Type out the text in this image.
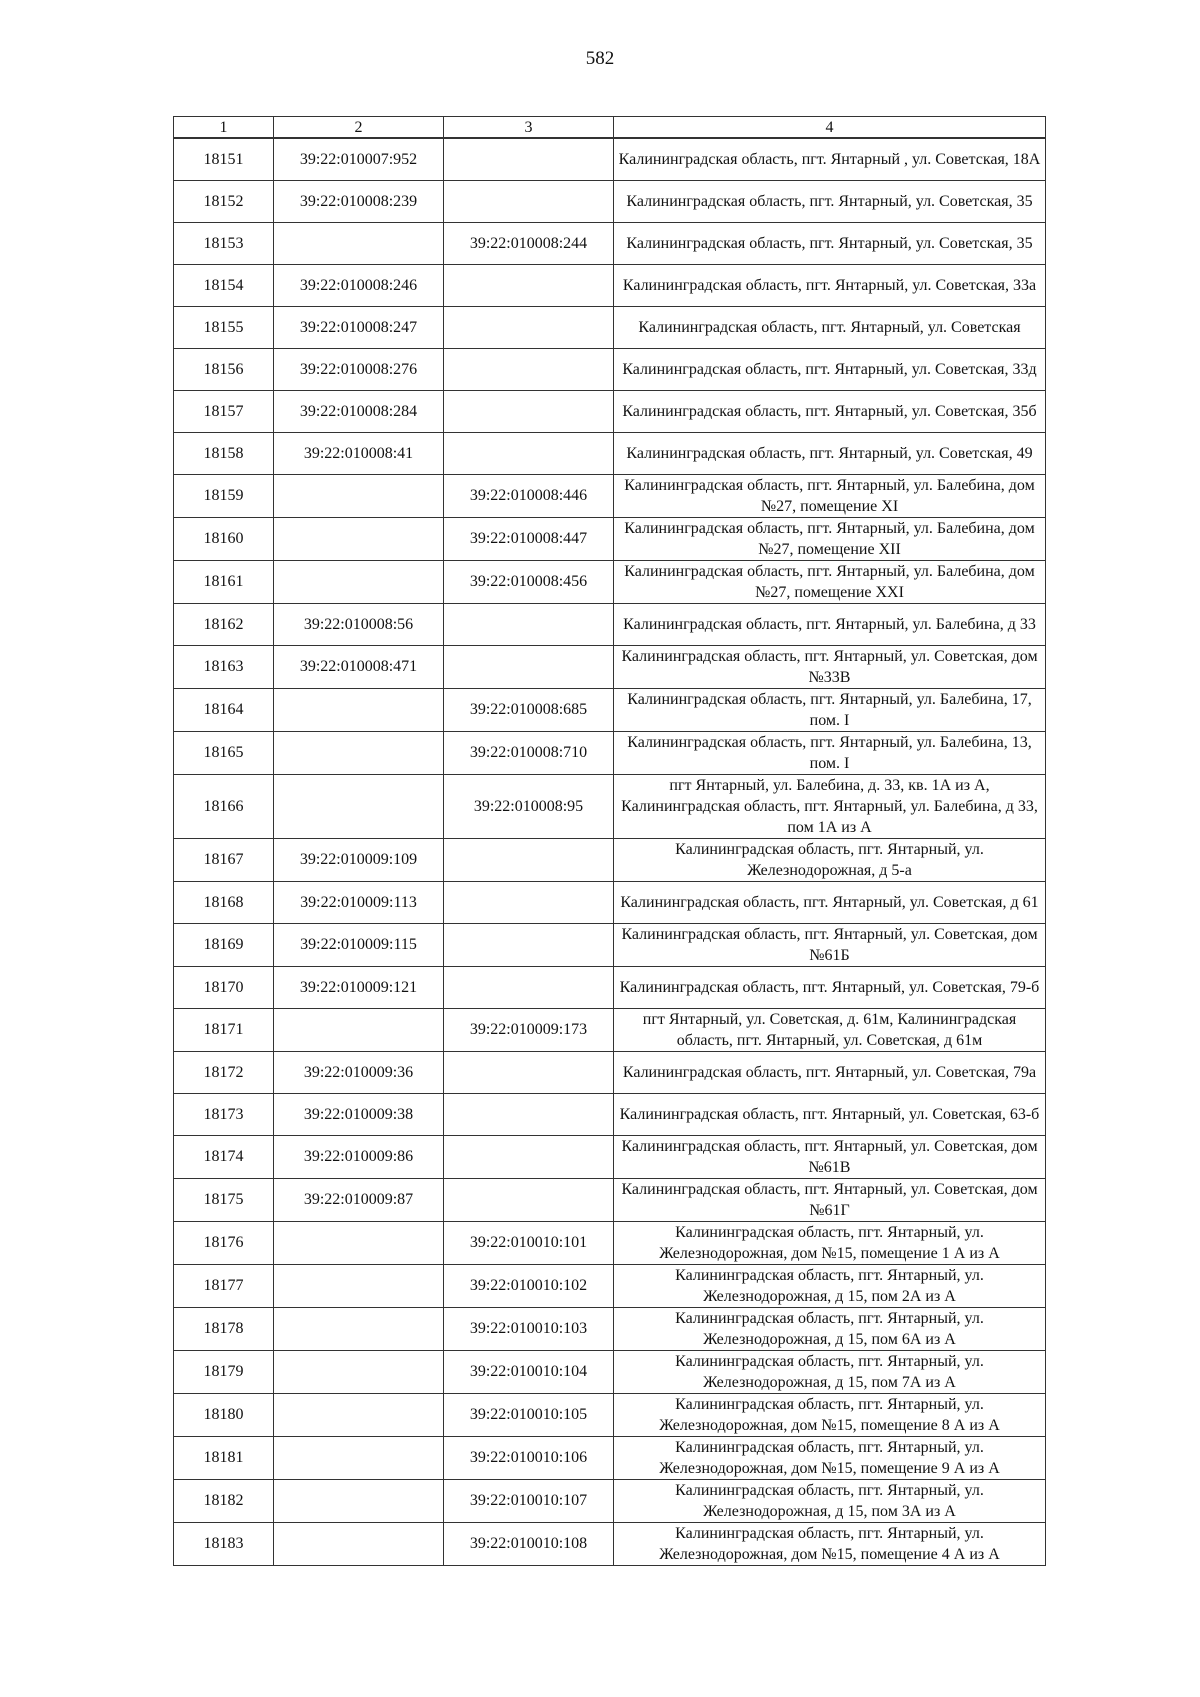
582
1	2	3	4
18151	39:22:010007:952		Калининградская область, пгт. Янтарный , ул. Советская, 18А
18152	39:22:010008:239		Калининградская область, пгт. Янтарный, ул. Советская, 35
18153		39:22:010008:244	Калининградская область, пгт. Янтарный, ул. Советская, 35
18154	39:22:010008:246		Калининградская область, пгт. Янтарный, ул. Советская, 33а
18155	39:22:010008:247		Калининградская область, пгт. Янтарный, ул. Советская
18156	39:22:010008:276		Калининградская область, пгт. Янтарный, ул. Советская, 33д
18157	39:22:010008:284		Калининградская область, пгт. Янтарный, ул. Советская, 35б
18158	39:22:010008:41		Калининградская область, пгт. Янтарный, ул. Советская, 49
18159		39:22:010008:446	Калининградская область, пгт. Янтарный, ул. Балебина, дом №27, помещение XI
18160		39:22:010008:447	Калининградская область, пгт. Янтарный, ул. Балебина, дом №27, помещение XII
18161		39:22:010008:456	Калининградская область, пгт. Янтарный, ул. Балебина, дом №27, помещение XXI
18162	39:22:010008:56		Калининградская область, пгт. Янтарный, ул. Балебина, д 33
18163	39:22:010008:471		Калининградская область, пгт. Янтарный, ул. Советская, дом №33В
18164		39:22:010008:685	Калининградская область, пгт. Янтарный, ул. Балебина, 17, пом. I
18165		39:22:010008:710	Калининградская область, пгт. Янтарный, ул. Балебина, 13, пом. I
18166		39:22:010008:95	пгт Янтарный, ул. Балебина, д. 33, кв. 1А из А, Калининградская область, пгт. Янтарный, ул. Балебина, д 33, пом 1А из А
18167	39:22:010009:109		Калининградская область, пгт. Янтарный, ул. Железнодорожная, д 5-а
18168	39:22:010009:113		Калининградская область, пгт. Янтарный, ул. Советская, д 61
18169	39:22:010009:115		Калининградская область, пгт. Янтарный, ул. Советская, дом №61Б
18170	39:22:010009:121		Калининградская область, пгт. Янтарный, ул. Советская, 79-б
18171		39:22:010009:173	пгт Янтарный, ул. Советская, д. 61м, Калининградская область, пгт. Янтарный, ул. Советская, д 61м
18172	39:22:010009:36		Калининградская область, пгт. Янтарный, ул. Советская, 79а
18173	39:22:010009:38		Калининградская область, пгт. Янтарный, ул. Советская, 63-б
18174	39:22:010009:86		Калининградская область, пгт. Янтарный, ул. Советская, дом №61В
18175	39:22:010009:87		Калининградская область, пгт. Янтарный, ул. Советская, дом №61Г
18176		39:22:010010:101	Калининградская область, пгт. Янтарный, ул. Железнодорожная, дом №15, помещение 1 А из А
18177		39:22:010010:102	Калининградская область, пгт. Янтарный, ул. Железнодорожная, д 15, пом 2А из А
18178		39:22:010010:103	Калининградская область, пгт. Янтарный, ул. Железнодорожная, д 15, пом 6А из А
18179		39:22:010010:104	Калининградская область, пгт. Янтарный, ул. Железнодорожная, д 15, пом 7А из А
18180		39:22:010010:105	Калининградская область, пгт. Янтарный, ул. Железнодорожная, дом №15, помещение 8 А из А
18181		39:22:010010:106	Калининградская область, пгт. Янтарный, ул. Железнодорожная, дом №15, помещение 9 А из А
18182		39:22:010010:107	Калининградская область, пгт. Янтарный, ул. Железнодорожная, д 15, пом 3А из А
18183		39:22:010010:108	Калининградская область, пгт. Янтарный, ул. Железнодорожная, дом №15, помещение 4 А из А
